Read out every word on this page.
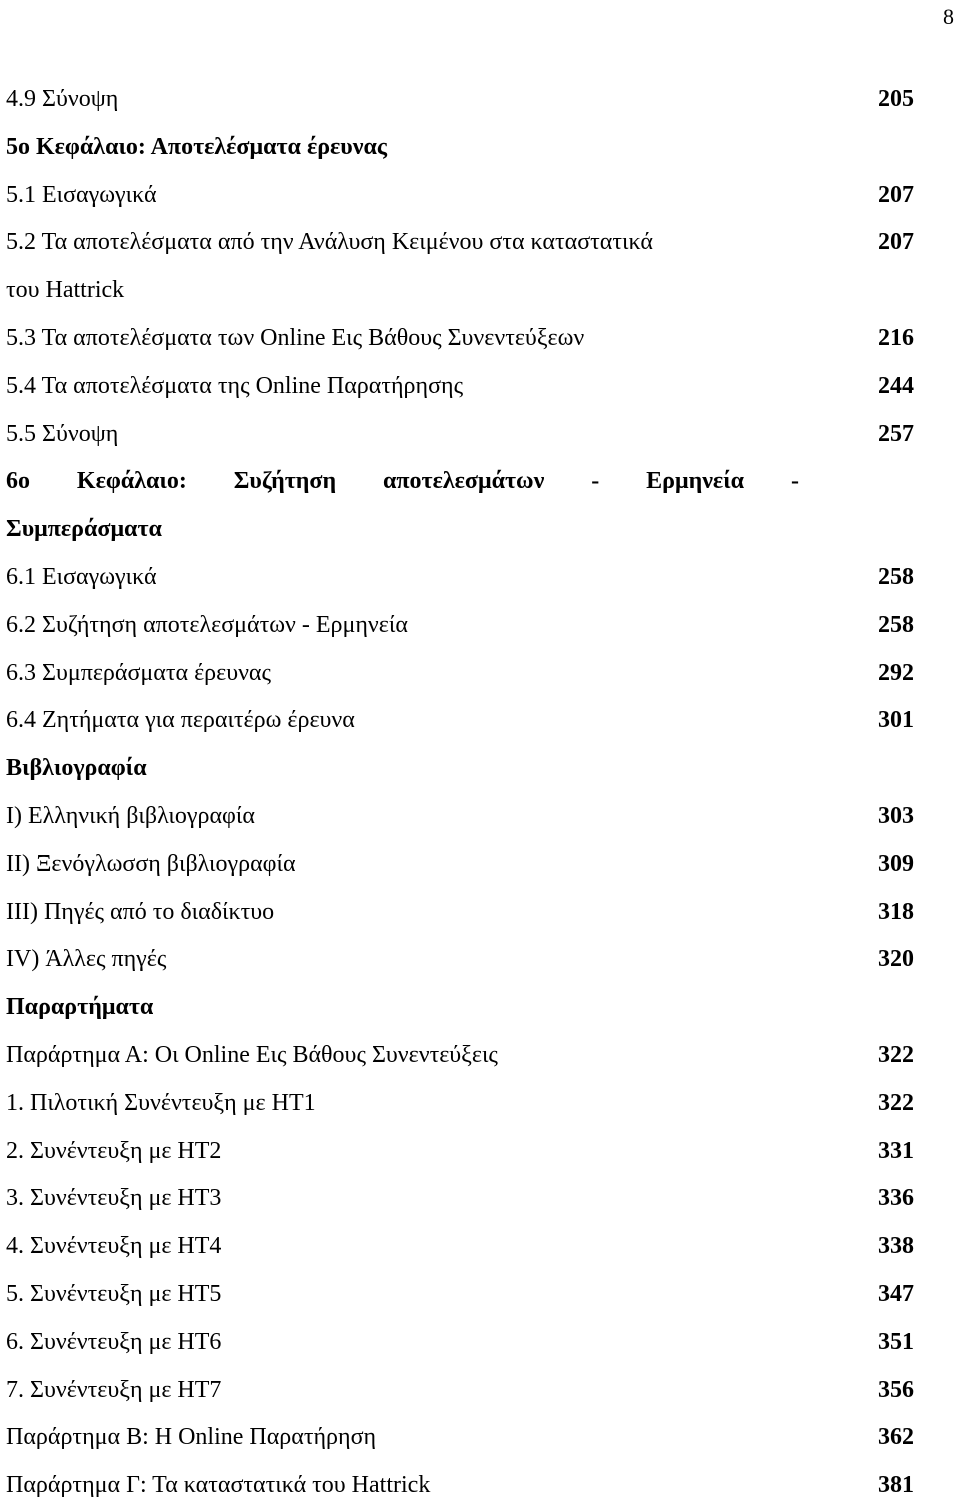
8
4.9 Σύνοψη	205
5ο Κεφάλαιο: Αποτελέσματα έρευνας
5.1 Εισαγωγικά	207
5.2 Τα αποτελέσματα από την Ανάλυση Κειμένου στα καταστατικά	207
του Hattrick
5.3 Τα αποτελέσματα των Online Εις Βάθους Συνεντεύξεων	216
5.4 Τα αποτελέσματα της Online Παρατήρησης	244
5.5 Σύνοψη	257
6ο Κεφάλαιο: Συζήτηση αποτελεσμάτων - Ερμηνεία -
Συμπεράσματα
6.1 Εισαγωγικά	258
6.2 Συζήτηση αποτελεσμάτων - Ερμηνεία	258
6.3 Συμπεράσματα έρευνας	292
6.4 Ζητήματα για περαιτέρω έρευνα	301
Βιβλιογραφία
I) Ελληνική βιβλιογραφία	303
II) Ξενόγλωσση βιβλιογραφία	309
III) Πηγές από το διαδίκτυο	318
IV) Άλλες πηγές	320
Παραρτήματα
Παράρτημα Α: Οι Online Εις Βάθους Συνεντεύξεις	322
1. Πιλοτική Συνέντευξη με ΗΤ1	322
2. Συνέντευξη με ΗΤ2	331
3. Συνέντευξη με ΗΤ3	336
4. Συνέντευξη με ΗΤ4	338
5. Συνέντευξη με ΗΤ5	347
6. Συνέντευξη με ΗΤ6	351
7. Συνέντευξη με ΗΤ7	356
Παράρτημα Β: Η Online Παρατήρηση	362
Παράρτημα Γ: Τα καταστατικά του Hattrick	381
